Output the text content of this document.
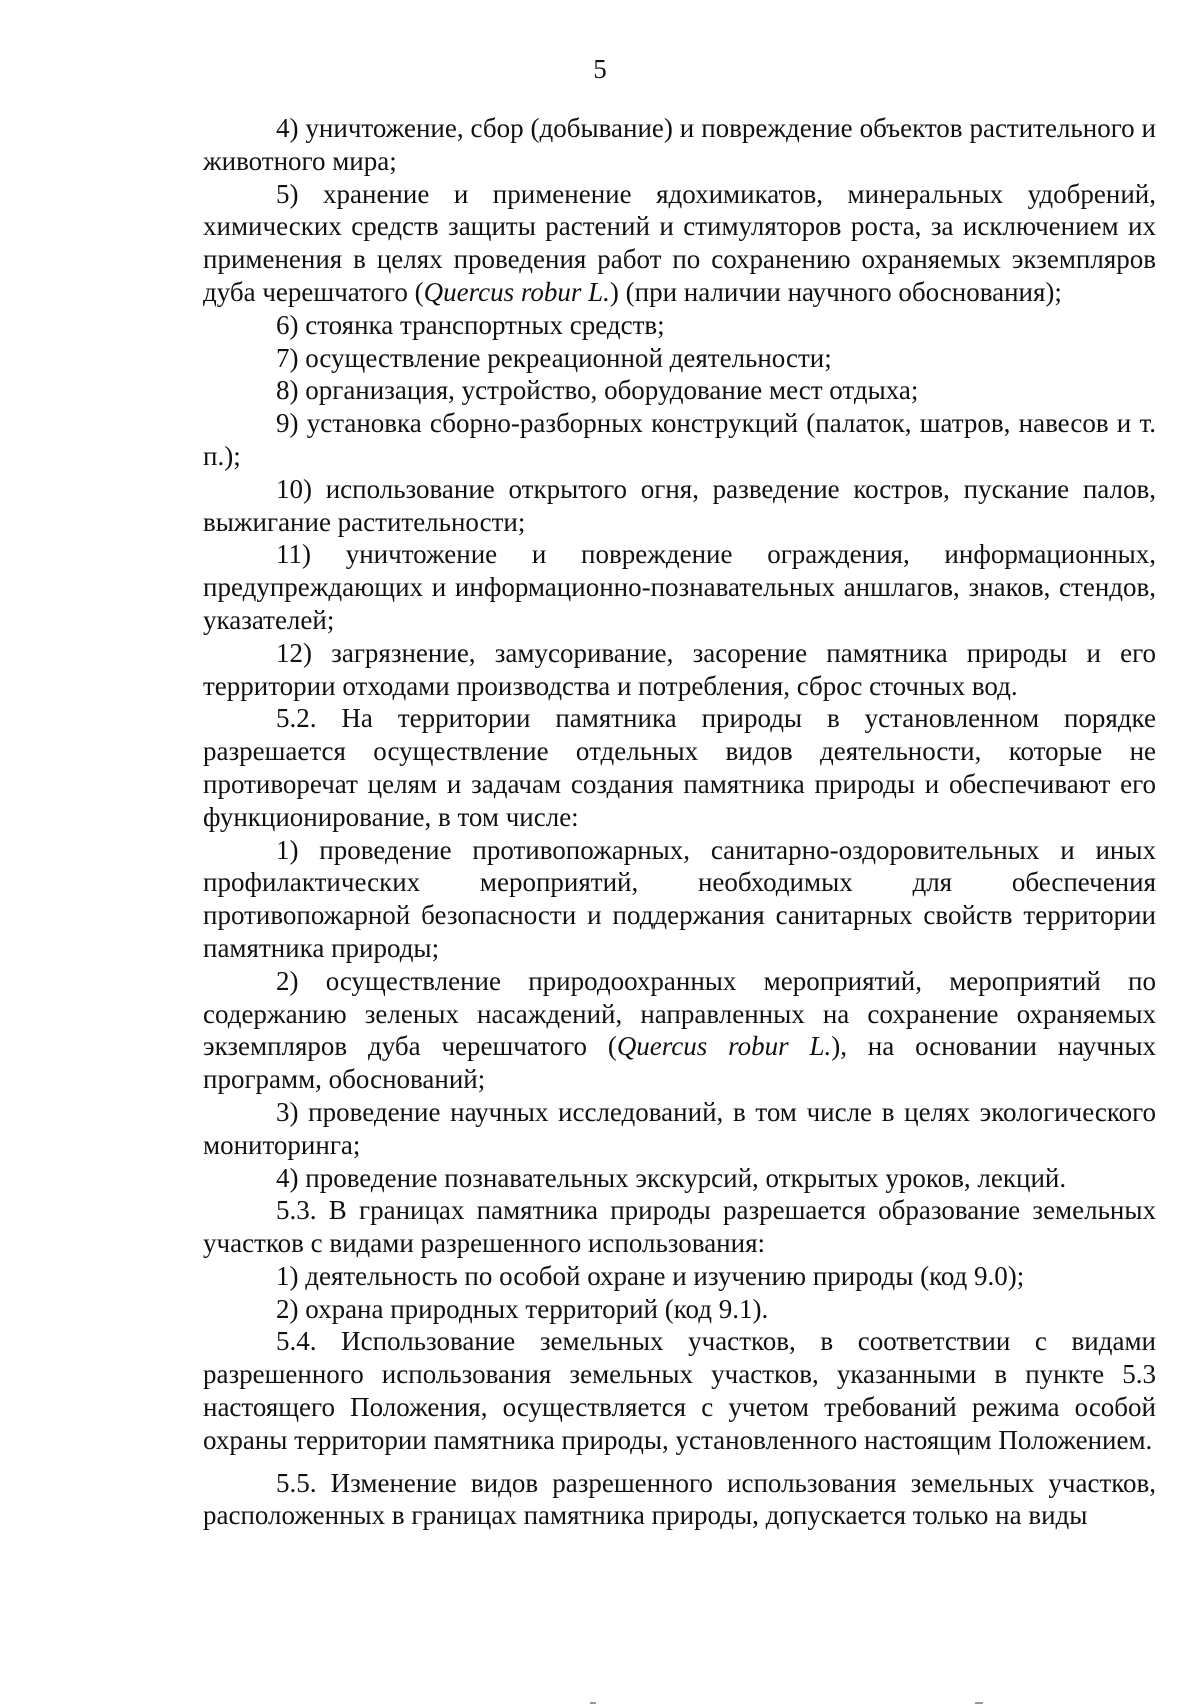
5

4) уничтожение, сбор (добывание) и повреждение объектов растительного и животного мира;

5) хранение и применение ядохимикатов, минеральных удобрений, химических средств защиты растений и стимуляторов роста, за исключением их применения в целях проведения работ по сохранению охраняемых экземпляров дуба черешчатого (Quercus robur L.) (при наличии научного обоснования);

6) стоянка транспортных средств;

7) осуществление рекреационной деятельности;

8) организация, устройство, оборудование мест отдыха;

9) установка сборно-разборных конструкций (палаток, шатров, навесов и т. п.);

10) использование открытого огня, разведение костров, пускание палов, выжигание растительности;

11) уничтожение и повреждение ограждения, информационных, предупреждающих и информационно-познавательных аншлагов, знаков, стендов, указателей;

12) загрязнение, замусоривание, засорение памятника природы и его территории отходами производства и потребления, сброс сточных вод.

5.2. На территории памятника природы в установленном порядке разрешается осуществление отдельных видов деятельности, которые не противоречат целям и задачам создания памятника природы и обеспечивают его функционирование, в том числе:

1) проведение противопожарных, санитарно-оздоровительных и иных профилактических мероприятий, необходимых для обеспечения противопожарной безопасности и поддержания санитарных свойств территории памятника природы;

2) осуществление природоохранных мероприятий, мероприятий по содержанию зеленых насаждений, направленных на сохранение охраняемых экземпляров дуба черешчатого (Quercus robur L.), на основании научных программ, обоснований;

3) проведение научных исследований, в том числе в целях экологического мониторинга;

4) проведение познавательных экскурсий, открытых уроков, лекций.

5.3. В границах памятника природы разрешается образование земельных участков с видами разрешенного использования:

1) деятельность по особой охране и изучению природы (код 9.0);

2) охрана природных территорий (код 9.1).

5.4. Использование земельных участков, в соответствии с видами разрешенного использования земельных участков, указанными в пункте 5.3 настоящего Положения, осуществляется с учетом требований режима особой охраны территории памятника природы, установленного настоящим Положением.

5.5. Изменение видов разрешенного использования земельных участков, расположенных в границах памятника природы, допускается только на виды
